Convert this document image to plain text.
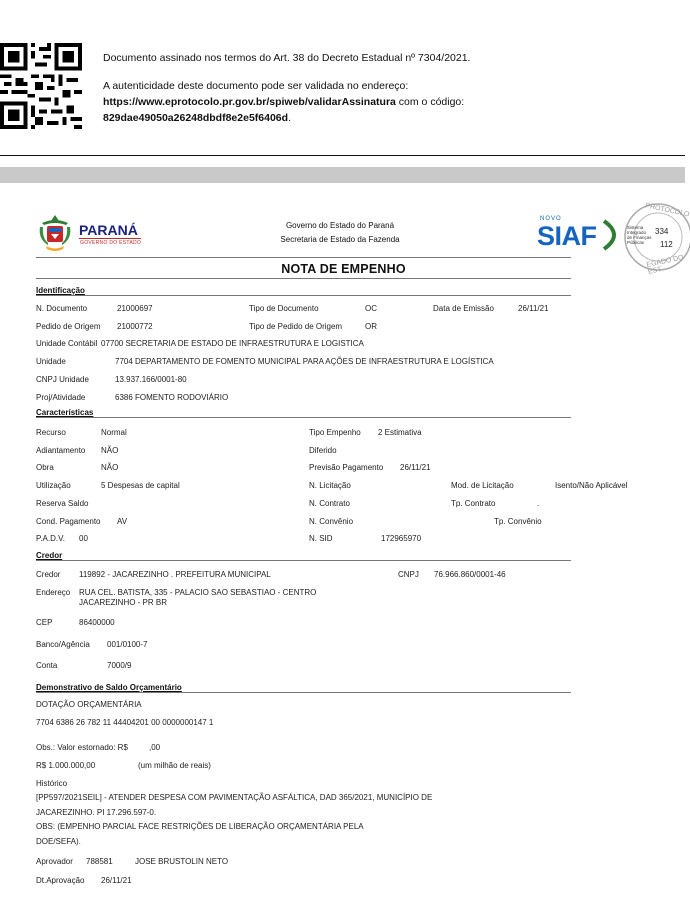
Documento assinado nos termos do Art. 38 do Decreto Estadual nº 7304/2021.
A autenticidade deste documento pode ser validada no endereço:
https://www.eprotocolo.pr.gov.br/spiweb/validarAssinatura com o código:
829dae49050a26248dbdf8e2e5f6406d.
PARANÁ
GOVERNO DO ESTADO
Governo do Estado do Paraná
Secretaria de Estado da Fazenda
NOVO
SIAF
PROTOCOLO
EGADO DO EST
Sistema
Integrado
de Finanças
Públicas
334
112
NOTA DE EMPENHO
Identificação
N. Documento	21000697	Tipo de Documento	OC	Data de Emissão	26/11/21
Pedido de Origem 21000772	Tipo de Pedido de Origem	OR
Unidade Contábil 07700 SECRETARIA DE ESTADO DE INFRAESTRUTURA E LOGISTICA
Unidade	7704 DEPARTAMENTO DE FOMENTO MUNICIPAL PARA AÇÕES DE INFRAESTRUTURA E LOGÍSTICA
CNPJ Unidade	13.937.166/0001-80
Proj/Atividade	6386 FOMENTO RODOVIÁRIO
Características
Recurso	Normal	Tipo Empenho 2 Estimativa
Adiantamento NÃO	Diferido
Obra	NÃO	Previsão Pagamento 26/11/21
Utilização	5 Despesas de capital	N. Licitação	Mod. de Licitação	Isento/Não Aplicável
Reserva Saldo	N. Contrato	Tp. Contrato	.
Cond. Pagamento AV	N. Convênio	Tp. Convênio
P.A.D.V. 00	N. SID	172965970
Credor
Credor 119892 - JACAREZINHO . PREFEITURA MUNICIPAL	CNPJ 76.966.860/0001-46
Endereço RUA CEL. BATISTA, 335 - PALACIO SAO SEBASTIAO - CENTRO
JACAREZINHO - PR BR
CEP	86400000
Banco/Agência 001/0100-7
Conta	7000/9
Demonstrativo de Saldo Orçamentário
DOTAÇÃO ORÇAMENTÁRIA
7704 6386 26 782 11 44404201 00 0000000147 1
Obs.: Valor estornado: R$	,00
R$ 1.000.000,00	(um milhão de reais)
Histórico
[PP597/2021SEIL] - ATENDER DESPESA COM PAVIMENTAÇÃO ASFÁLTICA, DAD 365/2021, MUNICÍPIO DE
JACAREZINHO. PI 17.296.597-0.
OBS: (EMPENHO PARCIAL FACE RESTRIÇÕES DE LIBERAÇÃO ORÇAMENTÁRIA PELA
DOE/SEFA).
Aprovador 788581	JOSE BRUSTOLIN NETO
Dt.Aprovação 26/11/21
